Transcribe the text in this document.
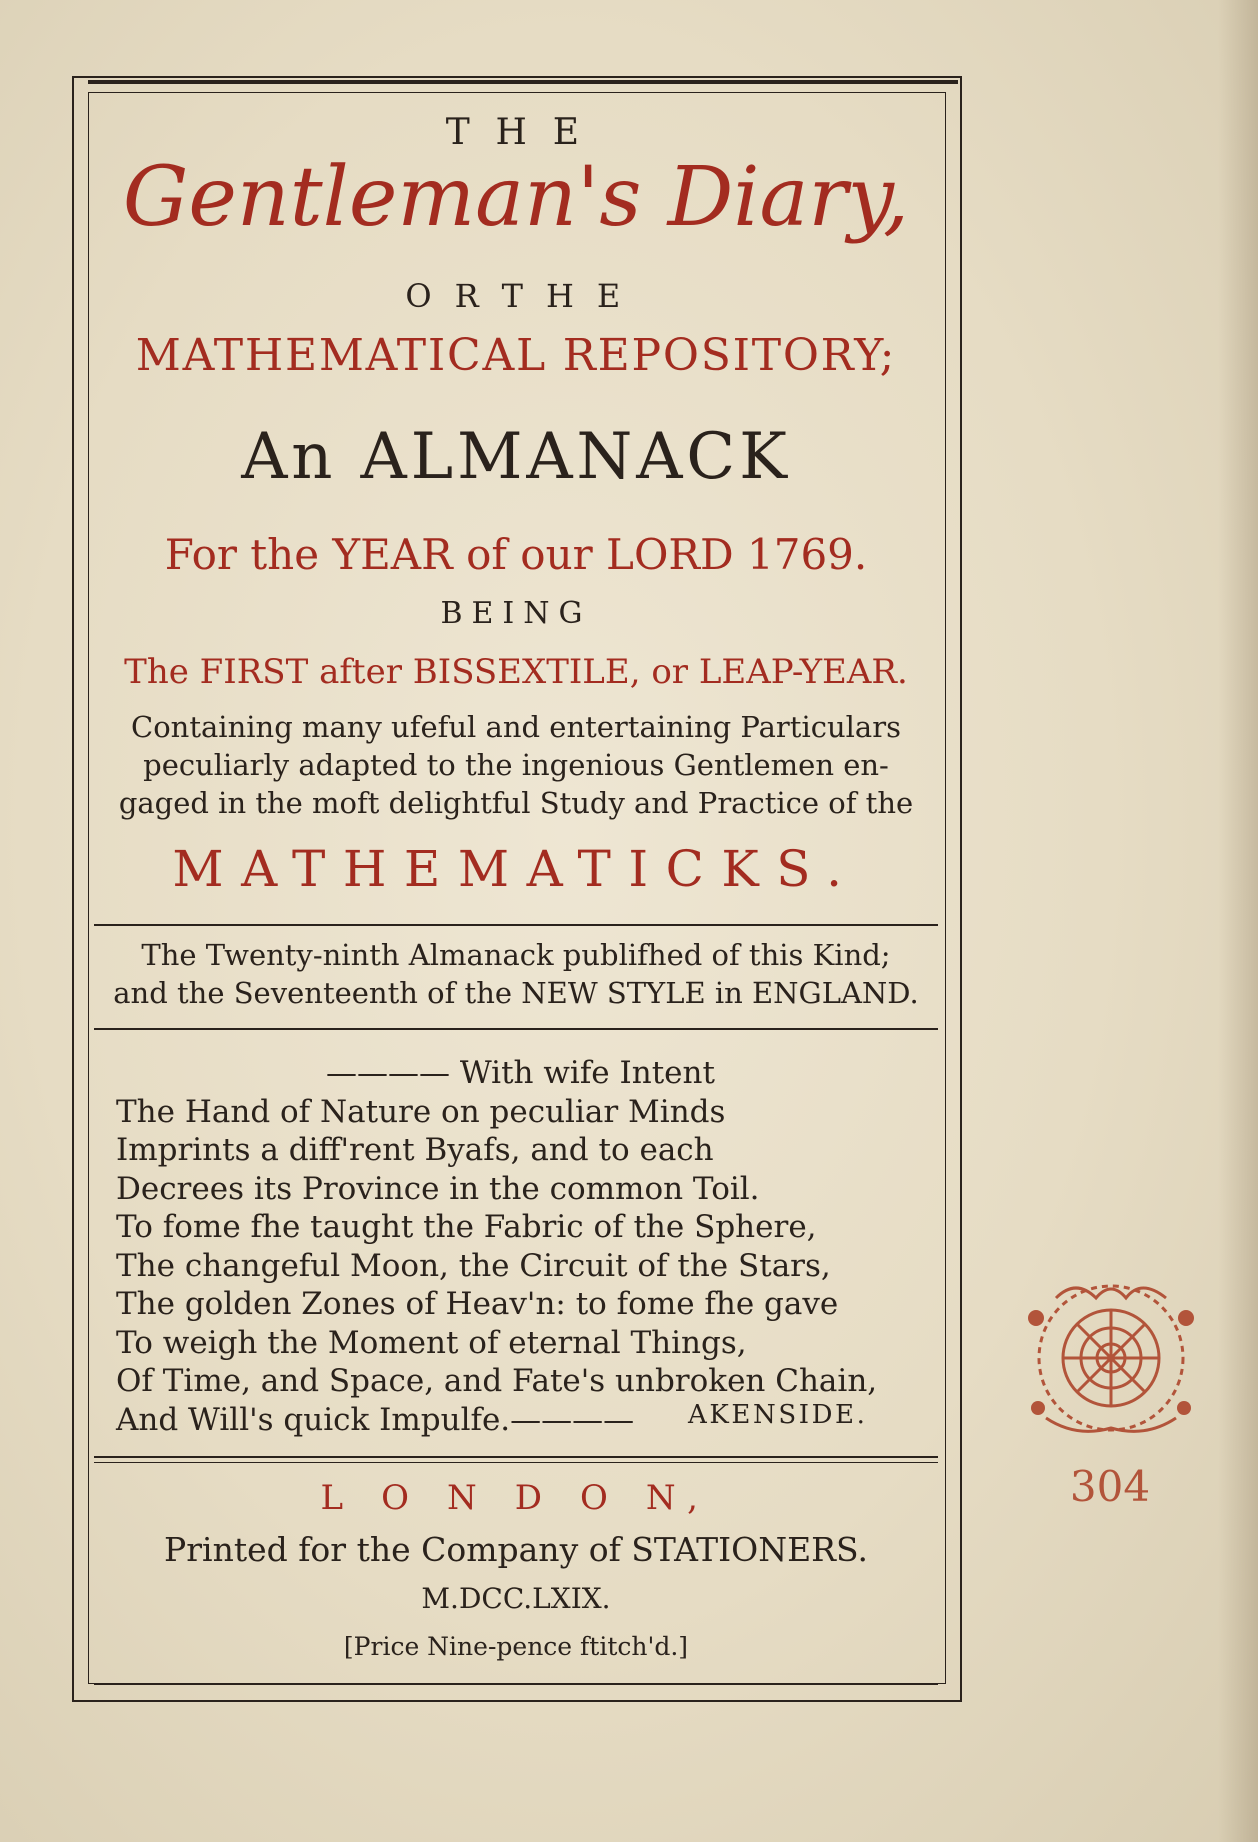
T H E
Gentleman's Diary,
O R T H E
MATHEMATICAL REPOSITORY;
An ALMANACK
For the YEAR of our LORD 1769.
BEING
The FIRST after BISSEXTILE, or LEAP-YEAR.
Containing many ufeful and entertaining Particulars
peculiarly adapted to the ingenious Gentlemen en-
gaged in the moft delightful Study and Practice of the
MATHEMATICKS.
The Twenty-ninth Almanack publifhed of this Kind;
and the Seventeenth of the NEW STYLE in ENGLAND.
———— With wife Intent
The Hand of Nature on peculiar Minds
Imprints a diff'rent Byafs, and to each
Decrees its Province in the common Toil.
To fome fhe taught the Fabric of the Sphere,
The changeful Moon, the Circuit of the Stars,
The golden Zones of Heav'n: to fome fhe gave
To weigh the Moment of eternal Things,
Of Time, and Space, and Fate's unbroken Chain,
And Will's quick Impulfe.————	AKENSIDE.
L O N D O N,
Printed for the Company of STATIONERS.
M.DCC.LXIX.
[Price Nine-pence ftitch'd.]
304
